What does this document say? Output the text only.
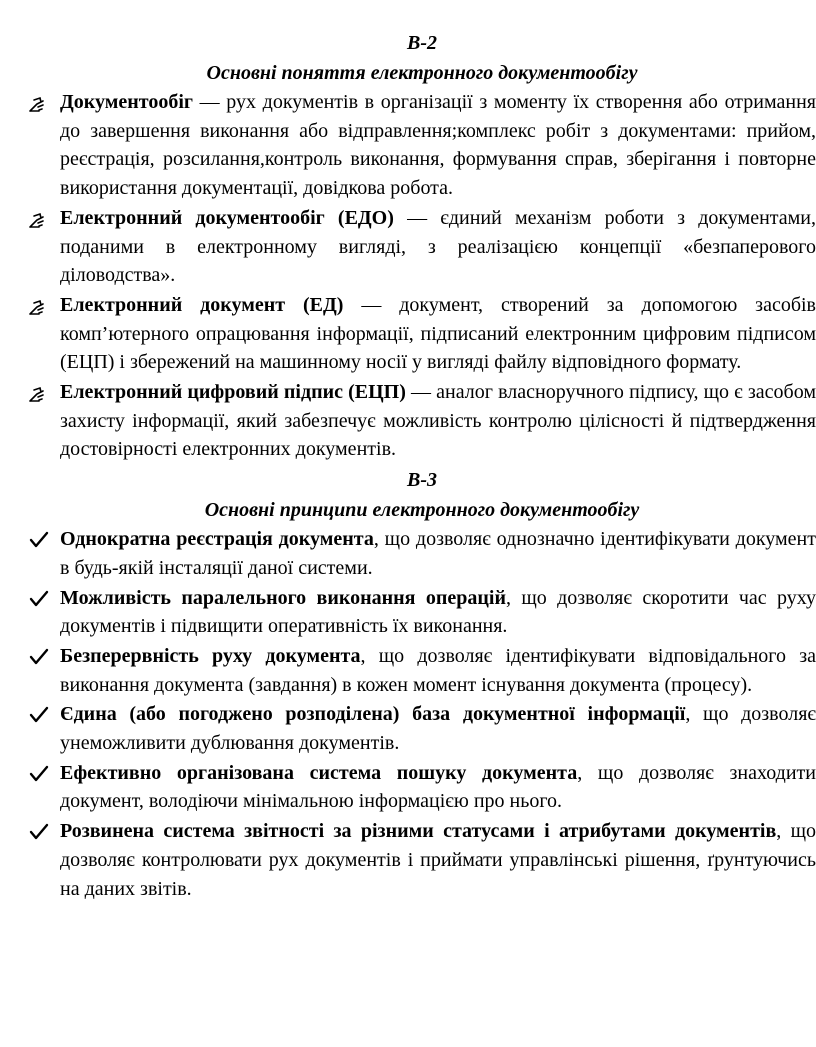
В-2
Основні поняття електронного документообігу
Документообіг — рух документів в організації з моменту їх створення або отримання до завершення виконання або відправлення;комплекс робіт з документами: прийом, реєстрація, розсилання,контроль виконання, формування справ, зберігання і повторне використання документації, довідкова робота.
Електронний документообіг (ЕДО) — єдиний механізм роботи з документами, поданими в електронному вигляді, з реалізацією концепції «безпаперового діловодства».
Електронний документ (ЕД) — документ, створений за допомогою засобів комп’ютерного опрацювання інформації, підписаний електронним цифровим підписом (ЕЦП) і збережений на машинному носії у вигляді файлу відповідного формату.
Електронний цифровий підпис (ЕЦП) — аналог власноручного підпису, що є засобом захисту інформації, який забезпечує можливість контролю цілісності й підтвердження достовірності електронних документів.
В-3
Основні принципи електронного документообігу
Однократна реєстрація документа, що дозволяє однозначно ідентифікувати документ в будь-якій інсталяції даної системи.
Можливість паралельного виконання операцій, що дозволяє скоротити час руху документів і підвищити оперативність їх виконання.
Безперервність руху документа, що дозволяє ідентифікувати відповідального за виконання документа (завдання) в кожен момент існування документа (процесу).
Єдина (або погоджено розподілена) база документної інформації, що дозволяє унеможливити дублювання документів.
Ефективно організована система пошуку документа, що дозволяє знаходити документ, володіючи мінімальною інформацією про нього.
Розвинена система звітності за різними статусами і атрибутами документів, що дозволяє контролювати рух документів і приймати управлінські рішення, ґрунтуючись на даних звітів.
